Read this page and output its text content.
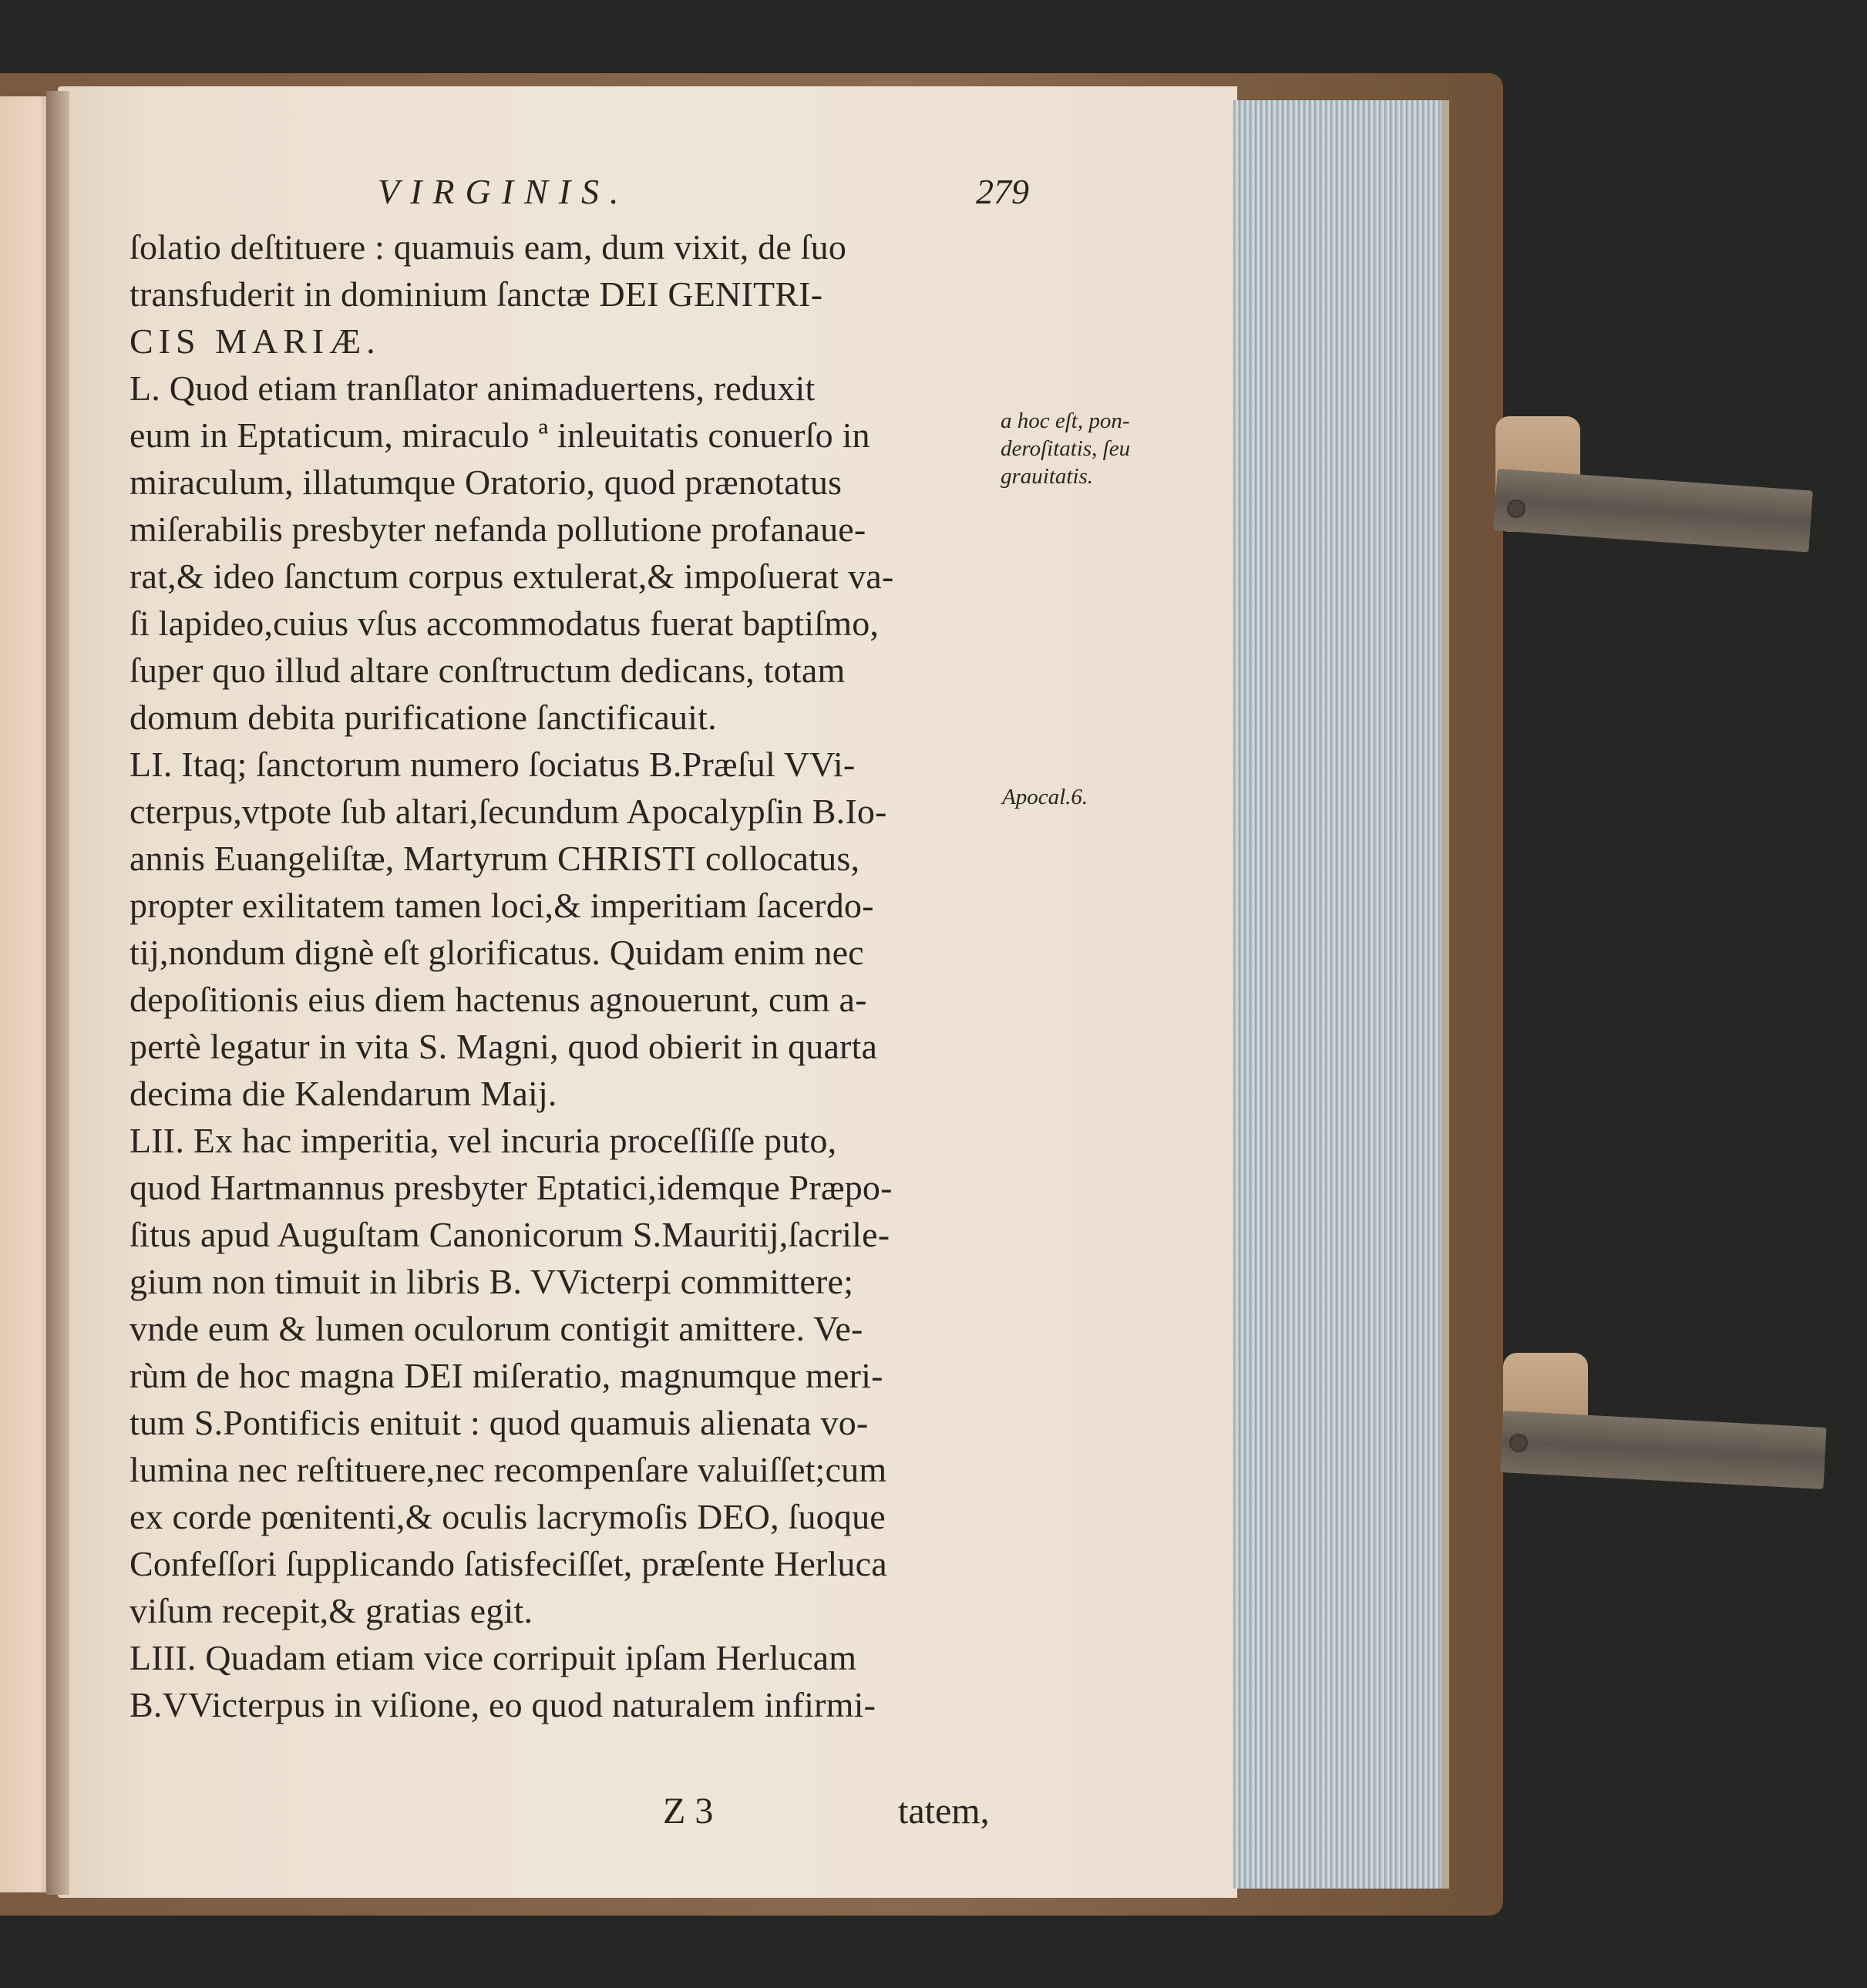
VIRGINIS.	279
ſolatio deſtituere : quamuis eam, dum vixit, de ſuo
transfuderit in dominium ſanctæ DEI GENITRI-
CIS MARIÆ.
L. Quod etiam tranſlator animaduertens, reduxit
eum in Eptaticum, miraculo ª inleuitatis conuerſo in
miraculum, illatumque Oratorio, quod prænotatus
miſerabilis presbyter nefanda pollutione profanaue-
rat,& ideo ſanctum corpus extulerat,& impoſuerat va-
ſi lapideo,cuius vſus accommodatus fuerat baptiſmo,
ſuper quo illud altare conſtructum dedicans, totam
domum debita purificatione ſanctificauit.
LI. Itaq; ſanctorum numero ſociatus B.Præſul VVi-
cterpus,vtpote ſub altari,ſecundum Apocalypſin B.Io-
annis Euangeliſtæ, Martyrum CHRISTI collocatus,
propter exilitatem tamen loci,& imperitiam ſacerdo-
tij,nondum dignè eſt glorificatus. Quidam enim nec
depoſitionis eius diem hactenus agnouerunt, cum a-
pertè legatur in vita S. Magni, quod obierit in quarta
decima die Kalendarum Maij.
LII. Ex hac imperitia, vel incuria proceſſiſſe puto,
quod Hartmannus presbyter Eptatici,idemque Præpo-
ſitus apud Auguſtam Canonicorum S.Mauritij,ſacrile-
gium non timuit in libris B. VVicterpi committere;
vnde eum & lumen oculorum contigit amittere. Ve-
rùm de hoc magna DEI miſeratio, magnumque meri-
tum S.Pontificis enituit : quod quamuis alienata vo-
lumina nec reſtituere,nec recompenſare valuiſſet;cum
ex corde pœnitenti,& oculis lacrymoſis DEO, ſuoque
Confeſſori ſupplicando ſatisfeciſſet, præſente Herluca
viſum recepit,& gratias egit.
LIII. Quadam etiam vice corripuit ipſam Herlucam
B.VVicterpus in viſione, eo quod naturalem infirmi-
a hoc eſt, pon-
deroſitatis, ſeu
grauitatis.
Apocal.6.
Z 3	tatem,
